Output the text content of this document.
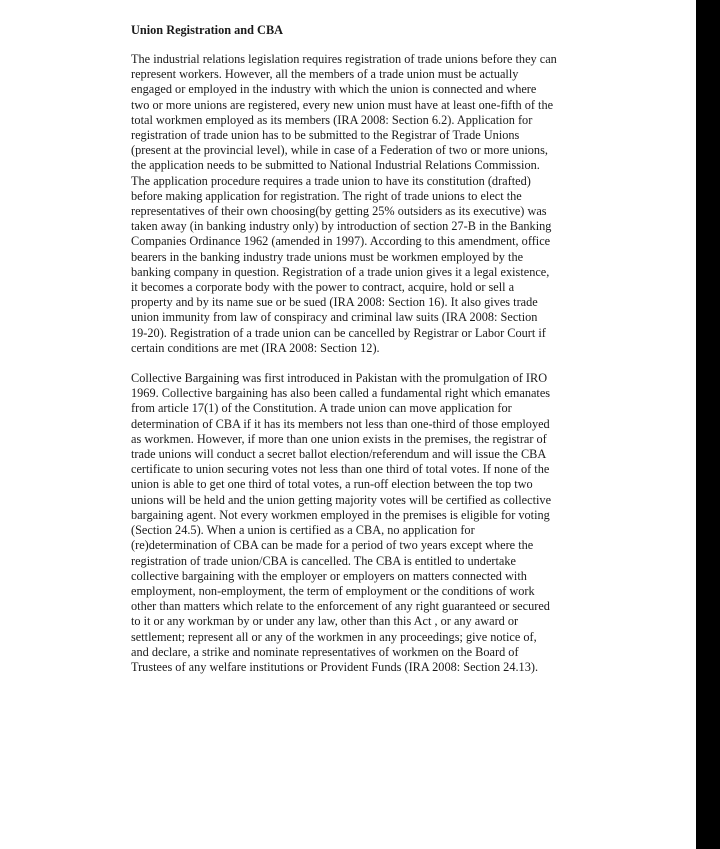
Union Registration and CBA

The industrial relations legislation requires registration of trade unions before they can
represent workers. However, all the members of a trade union must be actually
engaged or employed in the industry with which the union is connected and where
two or more unions are registered, every new union must have at least one-fifth of the
total workmen employed as its members (IRA 2008: Section 6.2). Application for
registration of trade union has to be submitted to the Registrar of Trade Unions
(present at the provincial level), while in case of a Federation of two or more unions,
the application needs to be submitted to National Industrial Relations Commission.
The application procedure requires a trade union to have its constitution (drafted)
before making application for registration. The right of trade unions to elect the
representatives of their own choosing(by getting 25% outsiders as its executive) was
taken away (in banking industry only) by introduction of section 27-B in the Banking
Companies Ordinance 1962 (amended in 1997). According to this amendment, office
bearers in the banking industry trade unions must be workmen employed by the
banking company in question. Registration of a trade union gives it a legal existence,
it becomes a corporate body with the power to contract, acquire, hold or sell a
property and by its name sue or be sued (IRA 2008: Section 16). It also gives trade
union immunity from law of conspiracy and criminal law suits (IRA 2008: Section
19-20). Registration of a trade union can be cancelled by Registrar or Labor Court if
certain conditions are met (IRA 2008: Section 12).

Collective Bargaining was first introduced in Pakistan with the promulgation of IRO
1969. Collective bargaining has also been called a fundamental right which emanates
from article 17(1) of the Constitution. A trade union can move application for
determination of CBA if it has its members not less than one-third of those employed
as workmen. However, if more than one union exists in the premises, the registrar of
trade unions will conduct a secret ballot election/referendum and will issue the CBA
certificate to union securing votes not less than one third of total votes. If none of the
union is able to get one third of total votes, a run-off election between the top two
unions will be held and the union getting majority votes will be certified as collective
bargaining agent. Not every workmen employed in the premises is eligible for voting
(Section 24.5). When a union is certified as a CBA, no application for
(re)determination of CBA can be made for a period of two years except where the
registration of trade union/CBA is cancelled. The CBA is entitled to undertake
collective bargaining with the employer or employers on matters connected with
employment, non-employment, the term of employment or the conditions of work
other than matters which relate to the enforcement of any right guaranteed or secured
to it or any workman by or under any law, other than this Act , or any award or
settlement; represent all or any of the workmen in any proceedings; give notice of,
and declare, a strike and nominate representatives of workmen on the Board of
Trustees of any welfare institutions or Provident Funds (IRA 2008: Section 24.13).
